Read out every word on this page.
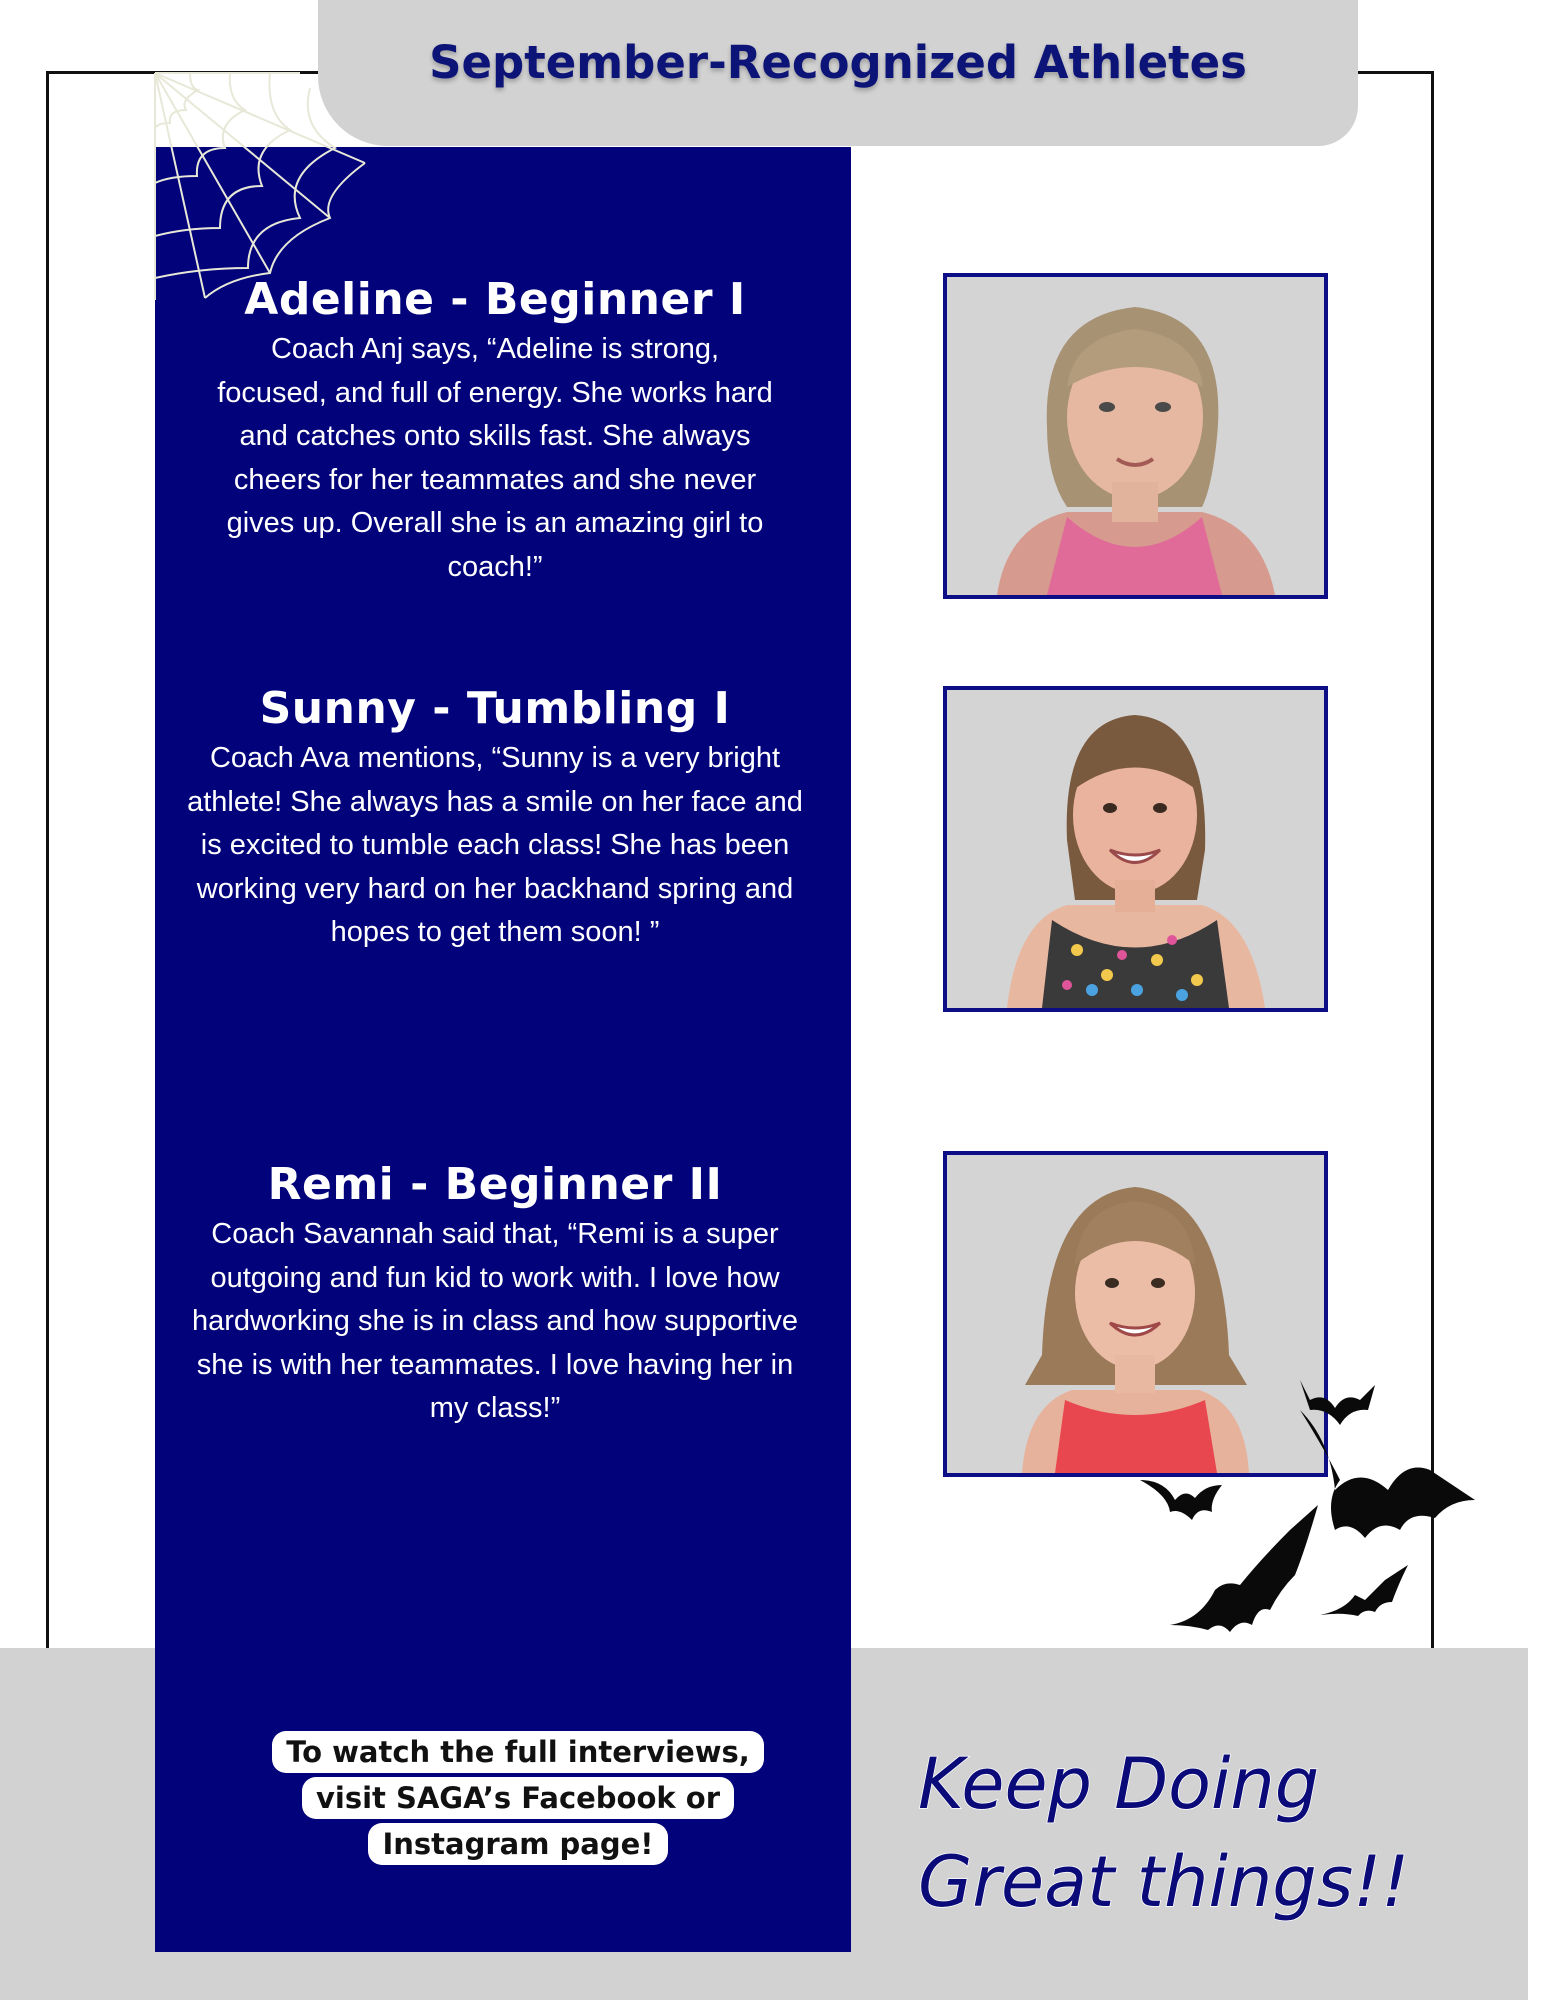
September-Recognized Athletes
Adeline - Beginner I

Coach Anj says, “Adeline is strong, focused, and full of energy. She works hard and catches onto skills fast. She always cheers for her teammates and she never gives up. Overall she is an amazing girl to coach!”

Sunny - Tumbling I

Coach Ava mentions, “Sunny is a very bright athlete! She always has a smile on her face and is excited to tumble each class! She has been working very hard on her backhand spring and hopes to get them soon! ”

Remi - Beginner II

Coach Savannah said that, “Remi is a super outgoing and fun kid to work with. I love how hardworking she is in class and how supportive she is with her teammates. I love having her in my class!”

To watch the full interviews, visit SAGA’s Facebook or Instagram page!
Keep Doing Great things!!
